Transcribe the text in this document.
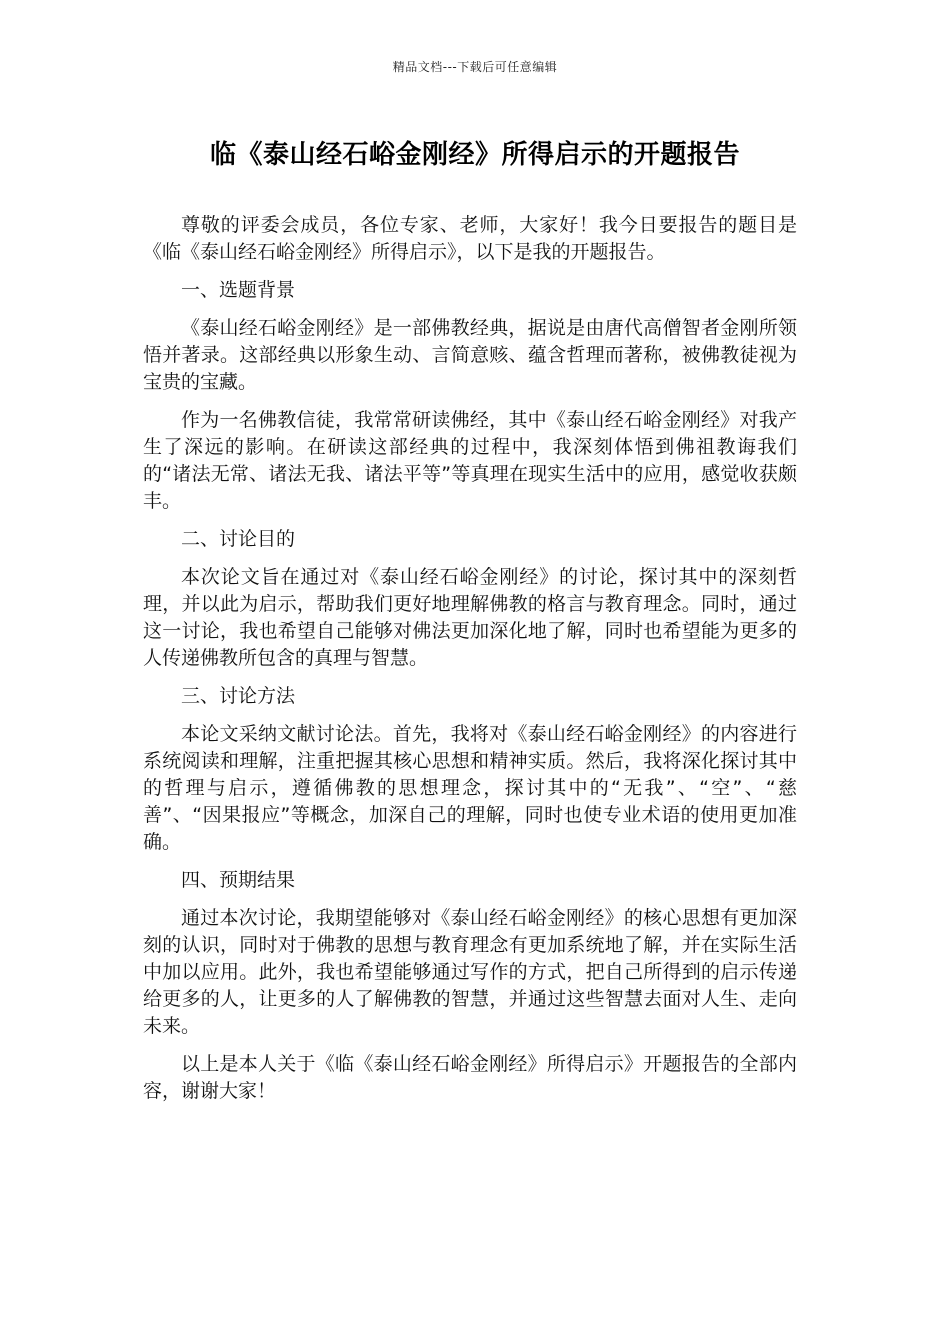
精品文档---下载后可任意编辑
临《泰山经石峪金刚经》所得启示的开题报告

尊敬的评委会成员，各位专家、老师，大家好！我今日要报告的题目是《临《泰山经石峪金刚经》所得启示》，以下是我的开题报告。

一、选题背景

《泰山经石峪金刚经》是一部佛教经典，据说是由唐代高僧智者金刚所领悟并著录。这部经典以形象生动、言简意赅、蕴含哲理而著称，被佛教徒视为宝贵的宝藏。

作为一名佛教信徒，我常常研读佛经，其中《泰山经石峪金刚经》对我产生了深远的影响。在研读这部经典的过程中，我深刻体悟到佛祖教诲我们的“诸法无常、诸法无我、诸法平等”等真理在现实生活中的应用，感觉收获颇丰。

二、讨论目的

本次论文旨在通过对《泰山经石峪金刚经》的讨论，探讨其中的深刻哲理，并以此为启示，帮助我们更好地理解佛教的格言与教育理念。同时，通过这一讨论，我也希望自己能够对佛法更加深化地了解，同时也希望能为更多的人传递佛教所包含的真理与智慧。

三、讨论方法

本论文采纳文献讨论法。首先，我将对《泰山经石峪金刚经》的内容进行系统阅读和理解，注重把握其核心思想和精神实质。然后，我将深化探讨其中的哲理与启示，遵循佛教的思想理念，探讨其中的“无我”、“空”、“慈善”、“因果报应”等概念，加深自己的理解，同时也使专业术语的使用更加准确。

四、预期结果

通过本次讨论，我期望能够对《泰山经石峪金刚经》的核心思想有更加深刻的认识，同时对于佛教的思想与教育理念有更加系统地了解，并在实际生活中加以应用。此外，我也希望能够通过写作的方式，把自己所得到的启示传递给更多的人，让更多的人了解佛教的智慧，并通过这些智慧去面对人生、走向未来。

以上是本人关于《临《泰山经石峪金刚经》所得启示》开题报告的全部内容，谢谢大家！
